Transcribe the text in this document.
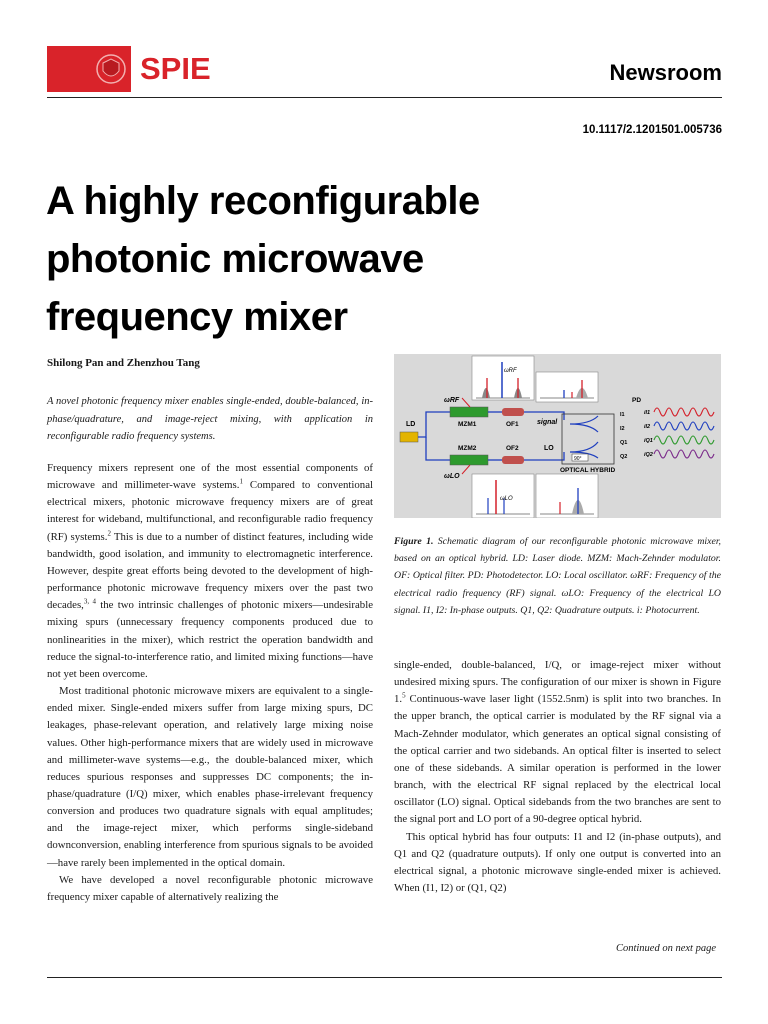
SPIE	Newsroom
10.1117/2.1201501.005736
A highly reconfigurable
photonic microwave
frequency mixer
Shilong Pan and Zhenzhou Tang
A novel photonic frequency mixer enables single-ended, double-balanced, in-phase/quadrature, and image-reject mixing, with application in reconfigurable radio frequency systems.

Frequency mixers represent one of the most essential components of microwave and millimeter-wave systems.$^1$ Compared to conventional electrical mixers, photonic microwave frequency mixers are of great interest for wideband, multifunctional, and reconfigurable radio frequency (RF) systems.$^2$ This is due to a number of distinct features, including wide bandwidth, good isolation, and immunity to electromagnetic interference. However, despite great efforts being devoted to the development of high-performance photonic microwave frequency mixers over the past two decades,$^{3, 4}$ the two intrinsic challenges of photonic mixers—undesirable mixing spurs (unnecessary frequency components produced due to nonlinearities in the mixer), which restrict the operation bandwidth and reduce the signal-to-interference ratio, and limited mixing functions—have not yet been overcome.

Most traditional photonic microwave mixers are equivalent to a single-ended mixer. Single-ended mixers suffer from large mixing spurs, DC leakages, phase-relevant operation, and relatively large mixing noise values. Other high-performance mixers that are widely used in microwave and millimeter-wave systems—e.g., the double-balanced mixer, which reduces spurious responses and suppresses DC components; the in-phase/quadrature (I/Q) mixer, which enables phase-irrelevant frequency conversion and produces two quadrature signals with equal amplitudes; and the image-reject mixer, which performs single-sideband downconversion, enabling interference from spurious signals to be avoided—have rarely been implemented in the optical domain.

We have developed a novel reconfigurable photonic microwave frequency mixer capable of alternatively realizing the

ωRF
ωLO
LD	MZM1
MZM2
ωRF
ωLO
OF1
OF2
signal
LO
90°
OPTICAL HYBRID
PD
I1
I2
Q1
Q2
iI1
iI2
iQ1
iQ2
Figure 1. Schematic diagram of our reconfigurable photonic microwave mixer, based on an optical hybrid. LD: Laser diode. MZM: Mach-Zehnder modulator. OF: Optical filter. PD: Photodetector. LO: Local oscillator. ωRF: Frequency of the electrical radio frequency (RF) signal. ωLO: Frequency of the electrical LO signal. I1, I2: In-phase outputs. Q1, Q2: Quadrature outputs. i: Photocurrent.

single-ended, double-balanced, I/Q, or image-reject mixer without undesired mixing spurs. The configuration of our mixer is shown in Figure 1.$^5$ Continuous-wave laser light (1552.5nm) is split into two branches. In the upper branch, the optical carrier is modulated by the RF signal via a Mach-Zehnder modulator, which generates an optical signal consisting of the optical carrier and two sidebands. An optical filter is inserted to select one of these sidebands. A similar operation is performed in the lower branch, with the electrical RF signal replaced by the electrical local oscillator (LO) signal. Optical sidebands from the two branches are sent to the signal port and LO port of a 90-degree optical hybrid.

This optical hybrid has four outputs: I1 and I2 (in-phase outputs), and Q1 and Q2 (quadrature outputs). If only one output is converted into an electrical signal, a photonic microwave single-ended mixer is achieved. When (I1, I2) or (Q1, Q2)

Continued on next page
